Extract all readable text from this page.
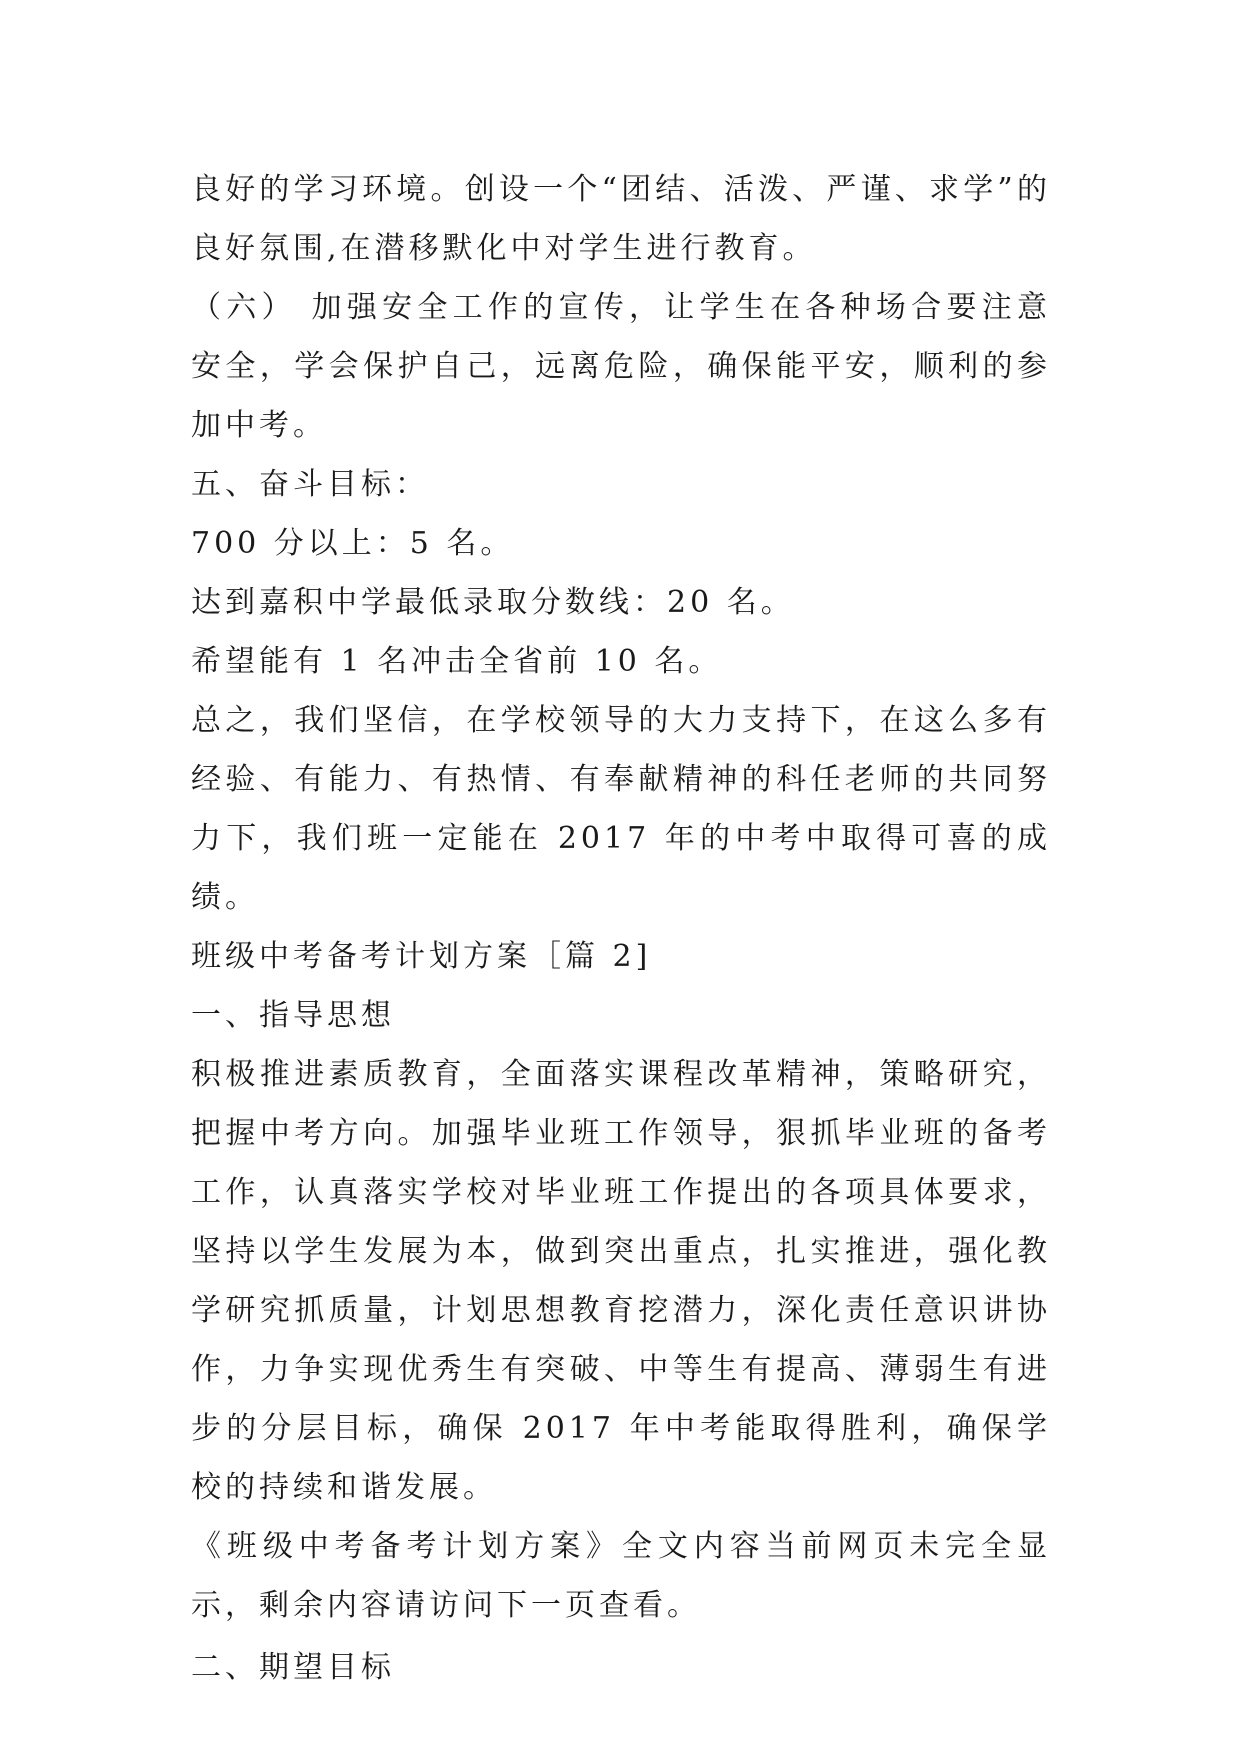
良好的学习环境。创设一个“团结、活泼、严谨、求学”的良好氛围,在潜移默化中对学生进行教育。

（六） 加强安全工作的宣传，让学生在各种场合要注意安全，学会保护自己，远离危险，确保能平安，顺利的参加中考。

五、奋斗目标：

700 分以上：5 名。

达到嘉积中学最低录取分数线：20 名。

希望能有 1 名冲击全省前 10 名。

总之，我们坚信，在学校领导的大力支持下，在这么多有经验、有能力、有热情、有奉献精神的科任老师的共同努力下，我们班一定能在 2017 年的中考中取得可喜的成绩。

班级中考备考计划方案［篇 2]

一、指导思想

积极推进素质教育，全面落实课程改革精神，策略研究，把握中考方向。加强毕业班工作领导，狠抓毕业班的备考工作，认真落实学校对毕业班工作提出的各项具体要求，坚持以学生发展为本，做到突出重点，扎实推进，强化教学研究抓质量，计划思想教育挖潜力，深化责任意识讲协作，力争实现优秀生有突破、中等生有提高、薄弱生有进步的分层目标，确保 2017 年中考能取得胜利，确保学校的持续和谐发展。

《班级中考备考计划方案》全文内容当前网页未完全显示，剩余内容请访问下一页查看。

二、期望目标
